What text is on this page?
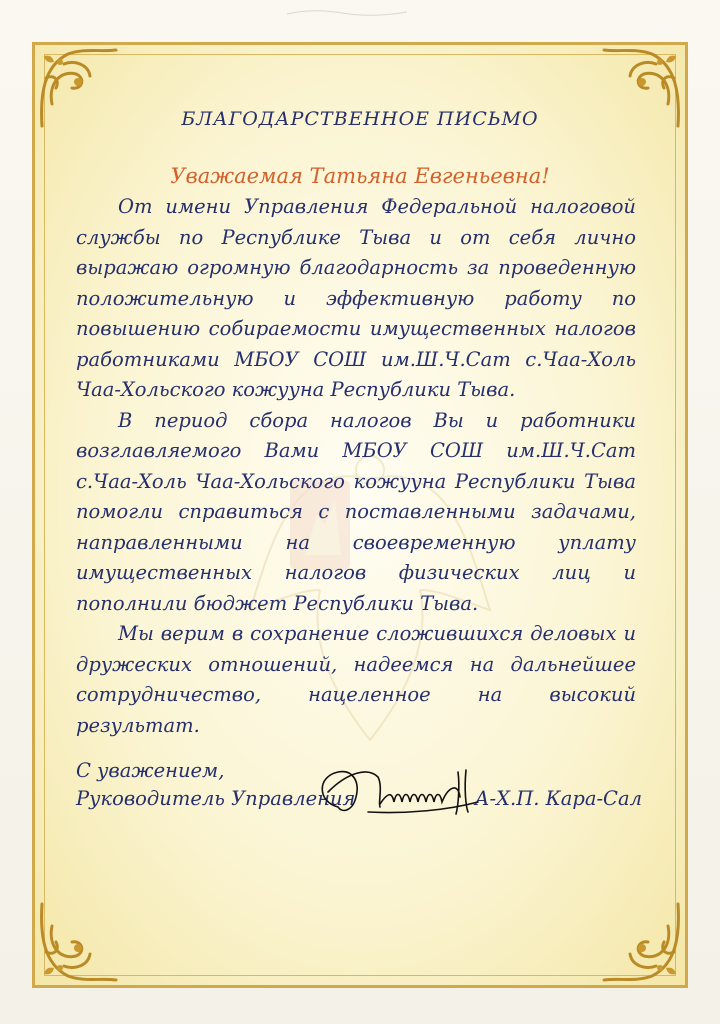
БЛАГОДАРСТВЕННОЕ ПИСЬМО
Уважаемая Татьяна Евгеньевна!

От имени Управления Федеральной налоговой службы по Республике Тыва и от себя лично выражаю огромную благодарность за проведенную положительную и эффективную работу по повышению собираемости имущественных налогов работниками МБОУ СОШ им.Ш.Ч.Сат с.Чаа-Холь Чаа-Хольского кожууна Республики Тыва.

В период сбора налогов Вы и работники возглавляемого Вами МБОУ СОШ им.Ш.Ч.Сат с.Чаа-Холь Чаа-Хольского кожууна Республики Тыва помогли справиться с поставленными задачами, направленными на своевременную уплату имущественных налогов физических лиц и пополнили бюджет Республики Тыва.

Мы верим в сохранение сложившихся деловых и дружеских отношений, надеемся на дальнейшее сотрудничество, нацеленное на высокий результат.

С уважением,
Руководитель Управления	А-Х.П. Кара-Сал
